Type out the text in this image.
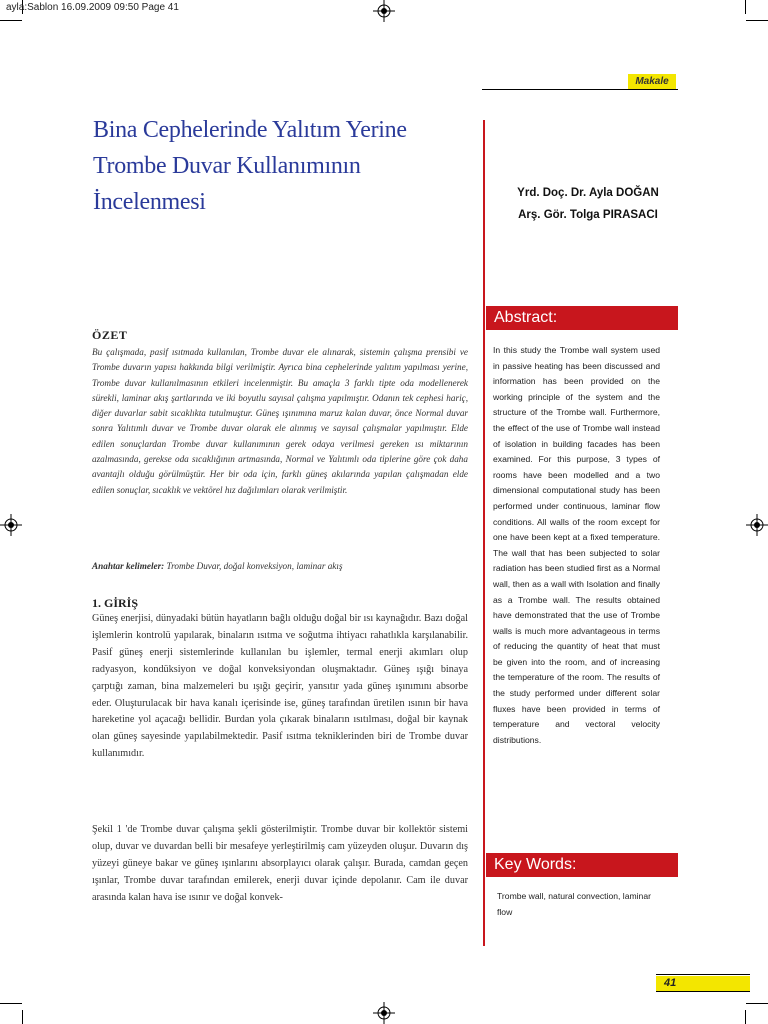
ayla:Sablon 16.09.2009 09:50 Page 41
Makale
Bina Cephelerinde Yalıtım Yerine
Trombe Duvar Kullanımının
İncelenmesi	Yrd. Doç. Dr. Ayla DOĞAN
Arş. Gör. Tolga PIRASACI
Abstract:
In this study the Trombe wall system used in passive heating has been discussed and information has been provided on the working principle of the system and the structure of the Trombe wall. Furthermore, the effect of the use of Trombe wall instead of isolation in building facades has been examined. For this purpose, 3 types of rooms have been modelled and a two dimensional computational study has been performed under continuous, laminar flow conditions. All walls of the room except for one have been kept at a fixed temperature. The wall that has been subjected to solar radiation has been studied first as a Normal wall, then as a wall with Isolation and finally as a Trombe wall. The results obtained have demonstrated that the use of Trombe walls is much more advantageous in terms of reducing the quantity of heat that must be given into the room, and of increasing the temperature of the room. The results of the study performed under different solar fluxes have been provided in terms of temperature and vectoral velocity distributions.
Key Words:
Trombe wall, natural convection, laminar flow
ÖZET
Bu çalışmada, pasif ısıtmada kullanılan, Trombe duvar ele alınarak, sistemin çalışma prensibi ve Trombe duvarın yapısı hakkında bilgi verilmiştir. Ayrıca bina cephelerinde yalıtım yapılması yerine, Trombe duvar kullanılmasının etkileri incelenmiştir. Bu amaçla 3 farklı tipte oda modellenerek sürekli, laminar akış şartlarında ve iki boyutlu sayısal çalışma yapılmıştır. Odanın tek cephesi hariç, diğer duvarlar sabit sıcaklıkta tutulmuştur. Güneş ışınımına maruz kalan duvar, önce Normal duvar sonra Yalıtımlı duvar ve Trombe duvar olarak ele alınmış ve sayısal çalışmalar yapılmıştır. Elde edilen sonuçlardan Trombe duvar kullanımının gerek odaya verilmesi gereken ısı miktarının azalmasında, gerekse oda sıcaklığının artmasında, Normal ve Yalıtımlı oda tiplerine göre çok daha avantajlı olduğu görülmüştür. Her bir oda için, farklı güneş akılarında yapılan çalışmadan elde edilen sonuçlar, sıcaklık ve vektörel hız dağılımları olarak verilmiştir.
Anahtar kelimeler: Trombe Duvar, doğal konveksiyon, laminar akış
1. GİRİŞ
Güneş enerjisi, dünyadaki bütün hayatların bağlı olduğu doğal bir ısı kaynağıdır. Bazı doğal işlemlerin kontrolü yapılarak, binaların ısıtma ve soğutma ihtiyacı rahatlıkla karşılanabilir. Pasif güneş enerji sistemlerinde kullanılan bu işlemler, termal enerji akımları olup radyasyon, kondüksiyon ve doğal konveksiyondan oluşmaktadır. Güneş ışığı binaya çarptığı zaman, bina malzemeleri bu ışığı geçirir, yansıtır yada güneş ışınımını absorbe eder. Oluşturulacak bir hava kanalı içerisinde ise, güneş tarafından üretilen ısının bir hava hareketine yol açacağı bellidir. Burdan yola çıkarak binaların ısıtılması, doğal bir kaynak olan güneş sayesinde yapılabilmektedir. Pasif ısıtma tekniklerinden biri de Trombe duvar kullanımıdır.
Şekil 1 'de Trombe duvar çalışma şekli gösterilmiştir. Trombe duvar bir kollektör sistemi olup, duvar ve duvardan belli bir mesafeye yerleştirilmiş cam yüzeyden oluşur. Duvarın dış yüzeyi güneye bakar ve güneş ışınlarını absorplayıcı olarak çalışır. Burada, camdan geçen ışınlar, Trombe duvar tarafından emilerek, enerji duvar içinde depolanır. Cam ile duvar arasında kalan hava ise ısınır ve doğal konvek-
41
